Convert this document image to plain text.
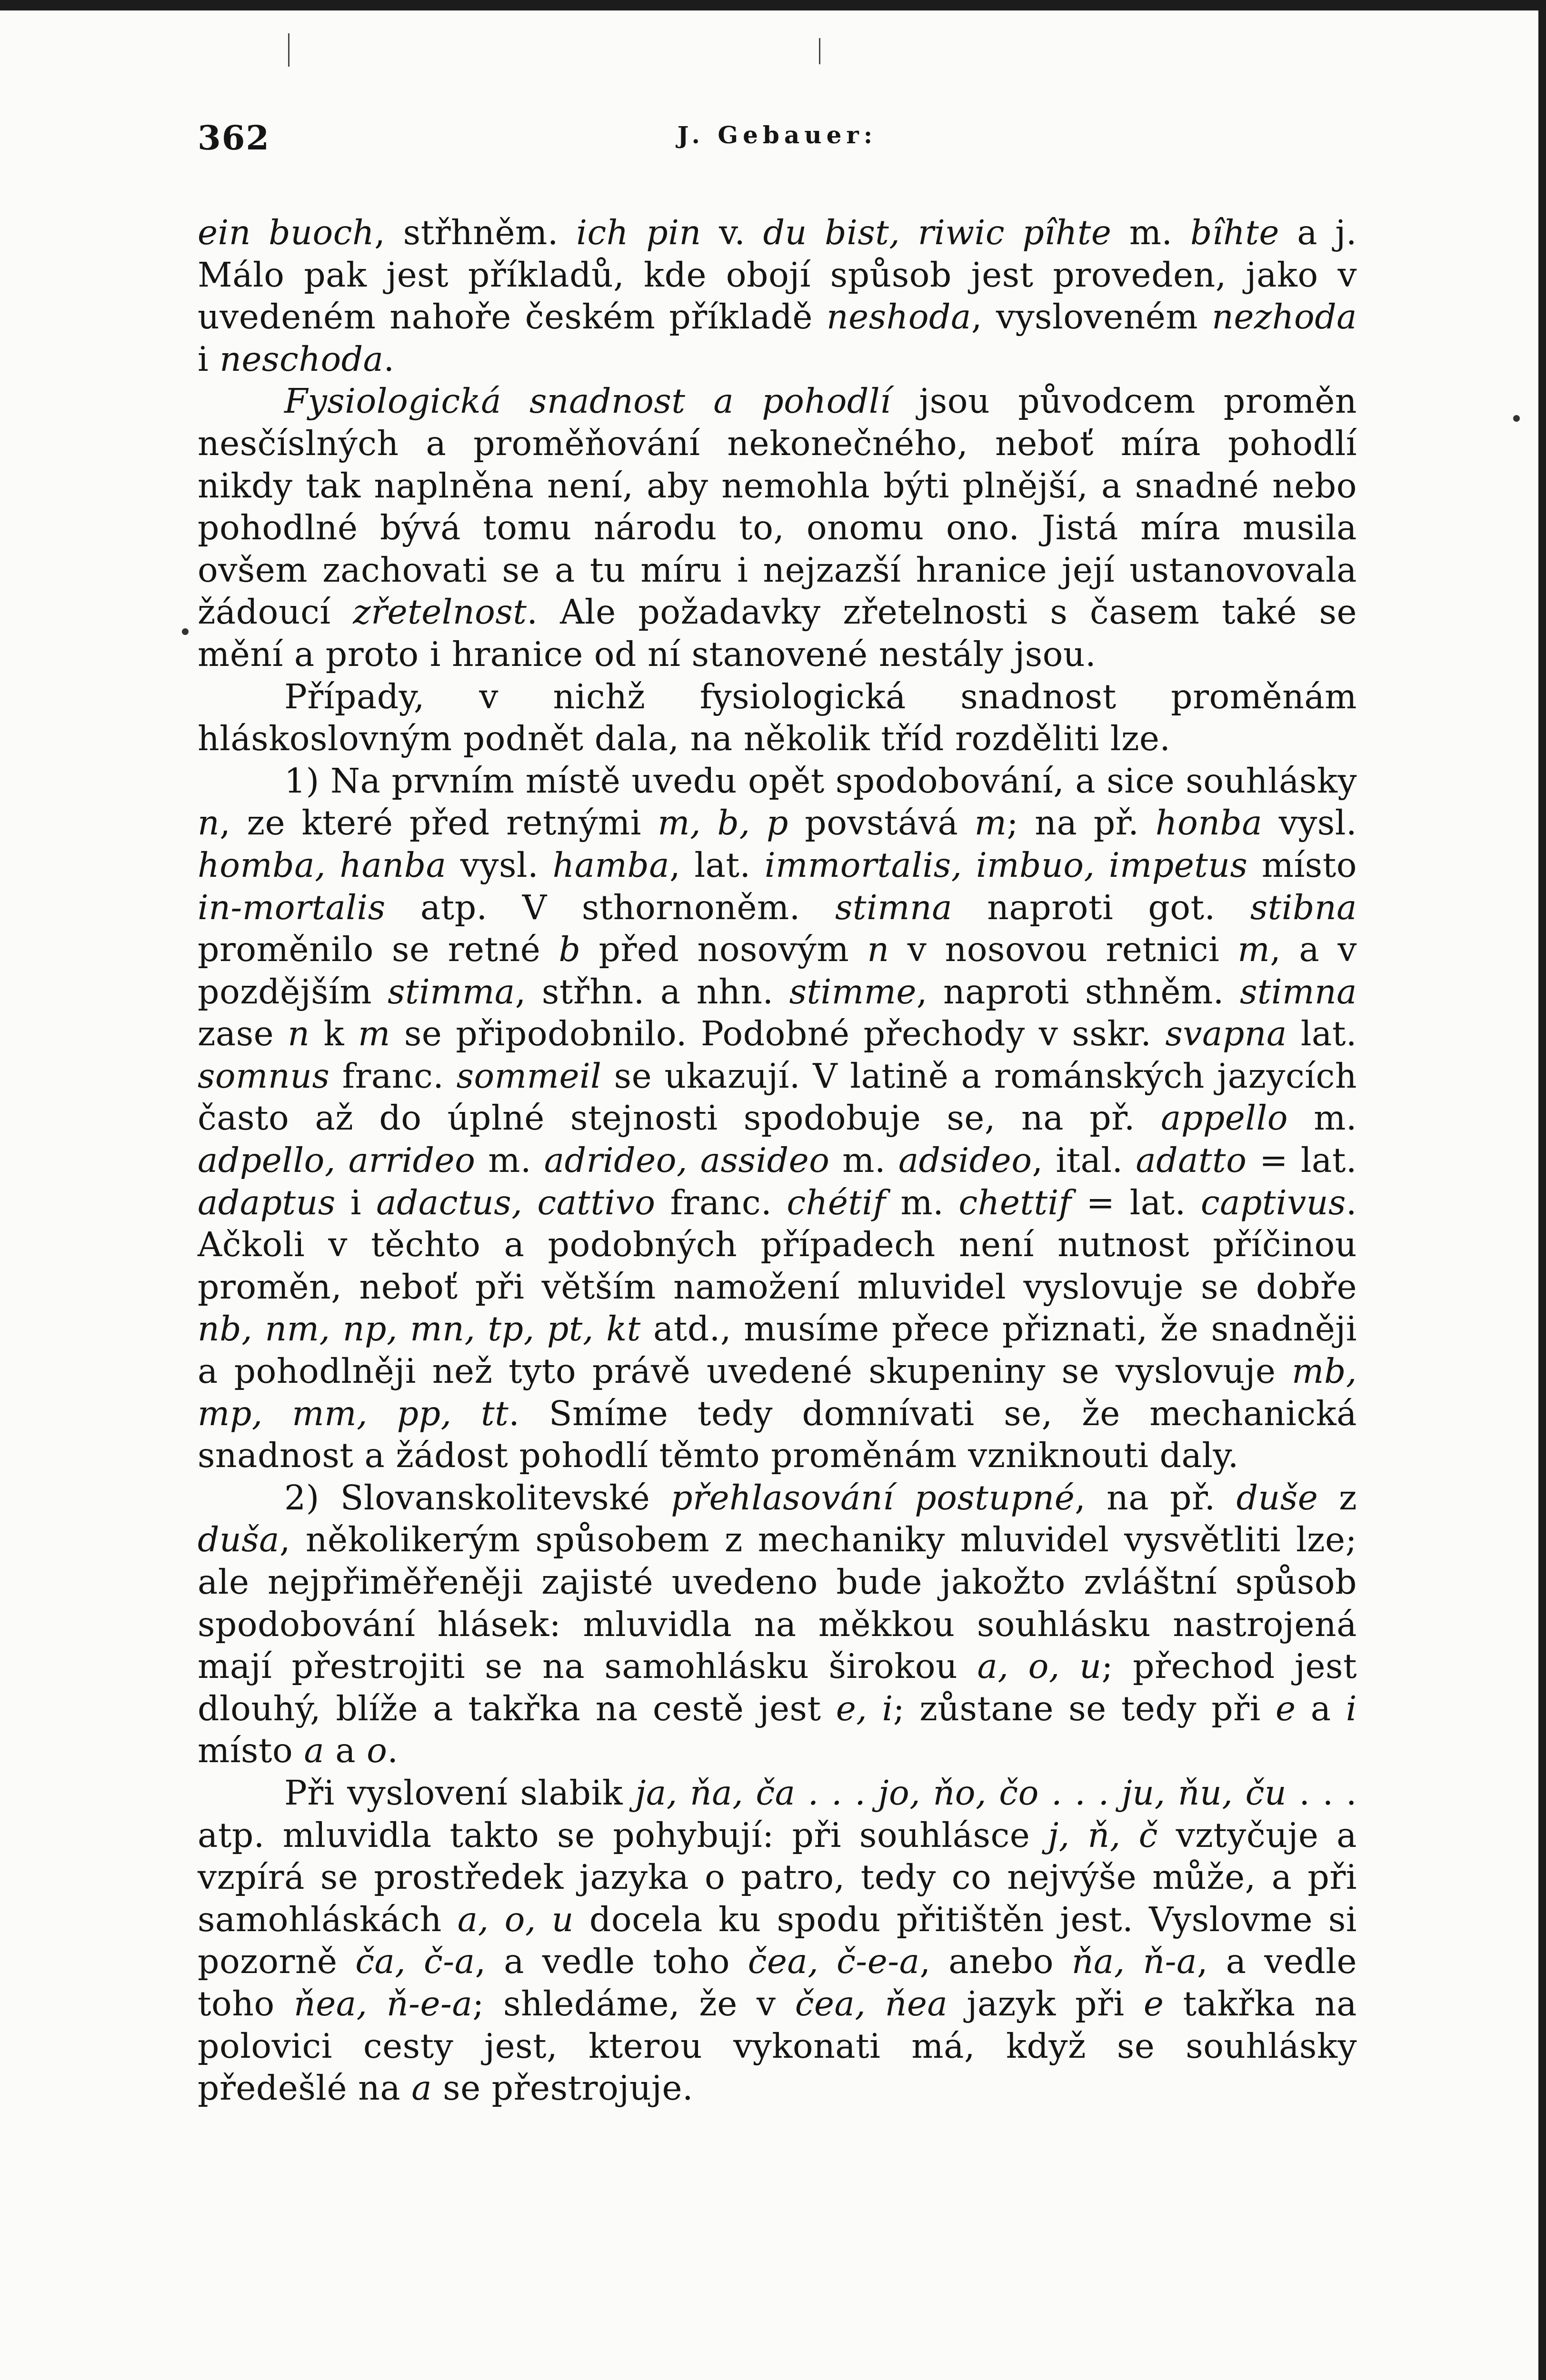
362	J. Gebauer:

ein buoch, střhněm. ich pin v. du bist, riwic pîhte m. bîhte a j. Málo pak jest příkladů, kde obojí spůsob jest proveden, jako v uvedeném nahoře českém příkladě neshoda, vysloveném nezhoda i neschoda.

Fysiologická snadnost a pohodlí jsou původcem proměn nesčíslných a proměňování nekonečného, neboť míra pohodlí nikdy tak naplněna není, aby nemohla býti plnější, a snadné nebo pohodlné bývá tomu národu to, onomu ono. Jistá míra musila ovšem zachovati se a tu míru i nejzazší hranice její ustanovovala žádoucí zřetelnost. Ale požadavky zřetelnosti s časem také se mění a proto i hranice od ní stanovené nestály jsou.

Případy, v nichž fysiologická snadnost proměnám hláskoslovným podnět dala, na několik tříd rozděliti lze.

1) Na prvním místě uvedu opět spodobování, a sice souhlásky n, ze které před retnými m, b, p povstává m; na př. honba vysl. homba, hanba vysl. hamba, lat. immortalis, imbuo, impetus místo in-mortalis atp. V sthornoněm. stimna naproti got. stibna proměnilo se retné b před nosovým n v nosovou retnici m, a v pozdějším stimma, střhn. a nhn. stimme, naproti sthněm. stimna zase n k m se připodobnilo. Podobné přechody v sskr. svapna lat. somnus franc. sommeil se ukazují. V latině a románských jazycích často až do úplné stejnosti spodobuje se, na př. appello m. adpello, arrideo m. adrideo, assideo m. adsideo, ital. adatto = lat. adaptus i adactus, cattivo franc. chétif m. chettif = lat. captivus. Ačkoli v těchto a podobných případech není nutnost příčinou proměn, neboť při větším namožení mluvidel vyslovuje se dobře nb, nm, np, mn, tp, pt, kt atd., musíme přece přiznati, že snadněji a pohodlněji než tyto právě uvedené skupeniny se vyslovuje mb, mp, mm, pp, tt. Smíme tedy domnívati se, že mechanická snadnost a žádost pohodlí těmto proměnám vzniknouti daly.

2) Slovanskolitevské přehlasování postupné, na př. duše z duša, několikerým spůsobem z mechaniky mluvidel vysvětliti lze; ale nejpřiměřeněji zajisté uvedeno bude jakožto zvláštní spůsob spodobování hlásek: mluvidla na měkkou souhlásku nastrojená mají přestrojiti se na samohlásku širokou a, o, u; přechod jest dlouhý, blíže a takřka na cestě jest e, i; zůstane se tedy při e a i místo a a o.

Při vyslovení slabik ja, ňa, ča . . . jo, ňo, čo . . . ju, ňu, ču . . . atp. mluvidla takto se pohybují: při souhlásce j, ň, č vztyčuje a vzpírá se prostředek jazyka o patro, tedy co nejvýše může, a při samohláskách a, o, u docela ku spodu přitištěn jest. Vyslovme si pozorně ča, č-a, a vedle toho čea, č-e-a, anebo ňa, ň-a, a vedle toho ňea, ň-e-a; shledáme, že v čea, ňea jazyk při e takřka na polovici cesty jest, kterou vykonati má, když se souhlásky předešlé na a se přestrojuje.
